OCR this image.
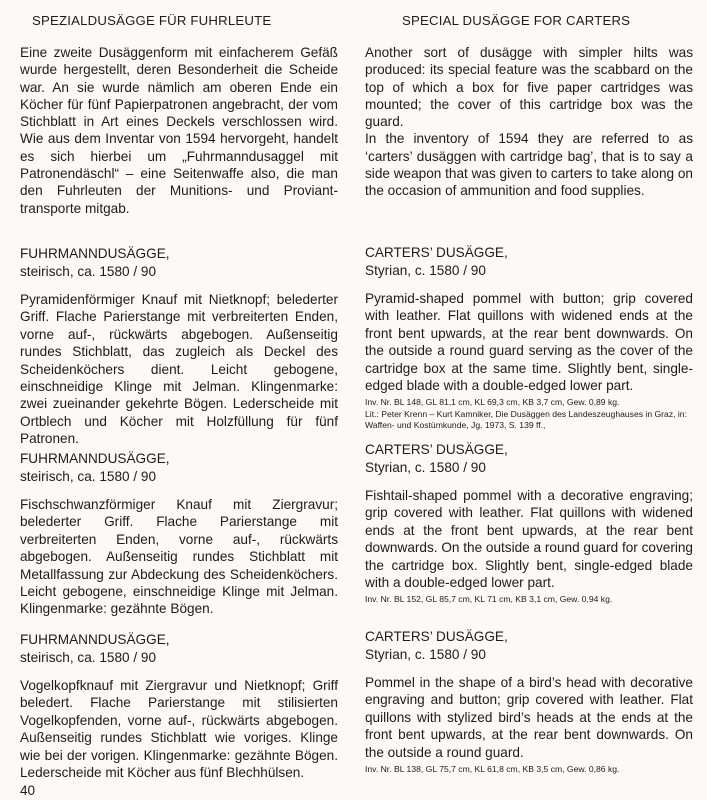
SPEZIALDUSÄGGE FÜR FUHRLEUTE

Eine zweite Dusäggenform mit einfacherem Gefäß wurde hergestellt, deren Besonderheit die Scheide war. An sie wurde nämlich am oberen Ende ein Köcher für fünf Papierpatronen angebracht, der vom Stichblatt in Art eines Deckels verschlossen wird. Wie aus dem Inventar von 1594 hervorgeht, handelt es sich hierbei um „Fuhrmanndusaggel mit Patronendäschl“ – eine Seitenwaffe also, die man den Fuhrleuten der Munitions- und Provianttransporte mitgab.

FUHRMANNDUSÄGGE,

steirisch, ca. 1580 / 90

Pyramidenförmiger Knauf mit Nietknopf; belederter Griff. Flache Parierstange mit verbreiterten Enden, vorne auf-, rückwärts abgebogen. Außenseitig rundes Stichblatt, das zugleich als Deckel des Scheidenköchers dient. Leicht gebogene, einschneidige Klinge mit Jelman. Klingenmarke: zwei zueinander gekehrte Bögen. Lederscheide mit Ortblech und Köcher mit Holzfüllung für fünf Patronen.

FUHRMANNDUSÄGGE,

steirisch, ca. 1580 / 90

Fischschwanzförmiger Knauf mit Ziergravur; belederter Griff. Flache Parierstange mit verbreiterten Enden, vorne auf-, rückwärts abgebogen. Außenseitig rundes Stichblatt mit Metallfassung zur Abdeckung des Scheidenköchers. Leicht gebogene, einschneidige Klinge mit Jelman. Klingenmarke: gezähnte Bögen.

FUHRMANNDUSÄGGE,

steirisch, ca. 1580 / 90

Vogelkopfknauf mit Ziergravur und Nietknopf; Griff beledert. Flache Parierstange mit stilisierten Vogelkopfenden, vorne auf-, rückwärts abgebogen. Außenseitig rundes Stichblatt wie voriges. Klinge wie bei der vorigen. Klingenmarke: gezähnte Bögen. Lederscheide mit Köcher aus fünf Blechhülsen.

SPECIAL DUSÄGGE FOR CARTERS

Another sort of dusägge with simpler hilts was produced: its special feature was the scabbard on the top of which a box for five paper cartridges was mounted; the cover of this cartridge box was the guard.

In the inventory of 1594 they are referred to as ‘carters’ dusäggen with cartridge bag’, that is to say a side weapon that was given to carters to take along on the occasion of ammunition and food supplies.

CARTERS’ DUSÄGGE,

Styrian, c. 1580 / 90

Pyramid-shaped pommel with button; grip covered with leather. Flat quillons with widened ends at the front bent upwards, at the rear bent downwards. On the outside a round guard serving as the cover of the cartridge box at the same time. Slightly bent, single-edged blade with a double-edged lower part.

Inv. Nr. BL 148, GL 81,1 cm, KL 69,3 cm, KB 3,7 cm, Gew. 0,89 kg.

Lit.: Peter Krenn – Kurt Kamniker, Die Dusäggen des Landeszeughauses in Graz, in: Waffen- und Kostümkunde, Jg. 1973, S. 139 ff.,

CARTERS’ DUSÄGGE,

Styrian, c. 1580 / 90

Fishtail-shaped pommel with a decorative engraving; grip covered with leather. Flat quillons with widened ends at the front bent upwards, at the rear bent downwards. On the outside a round guard for covering the cartridge box. Slightly bent, single-edged blade with a double-edged lower part.

Inv. Nr. BL 152, GL 85,7 cm, KL 71 cm, KB 3,1 cm, Gew. 0,94 kg.

CARTERS’ DUSÄGGE,

Styrian, c. 1580 / 90

Pommel in the shape of a bird’s head with decorative engraving and button; grip covered with leather. Flat quillons with stylized bird’s heads at the ends at the front bent upwards, at the rear bent downwards. On the outside a round guard.

Inv. Nr. BL 138, GL 75,7 cm, KL 61,8 cm, KB 3,5 cm, Gew. 0,86 kg.

40
